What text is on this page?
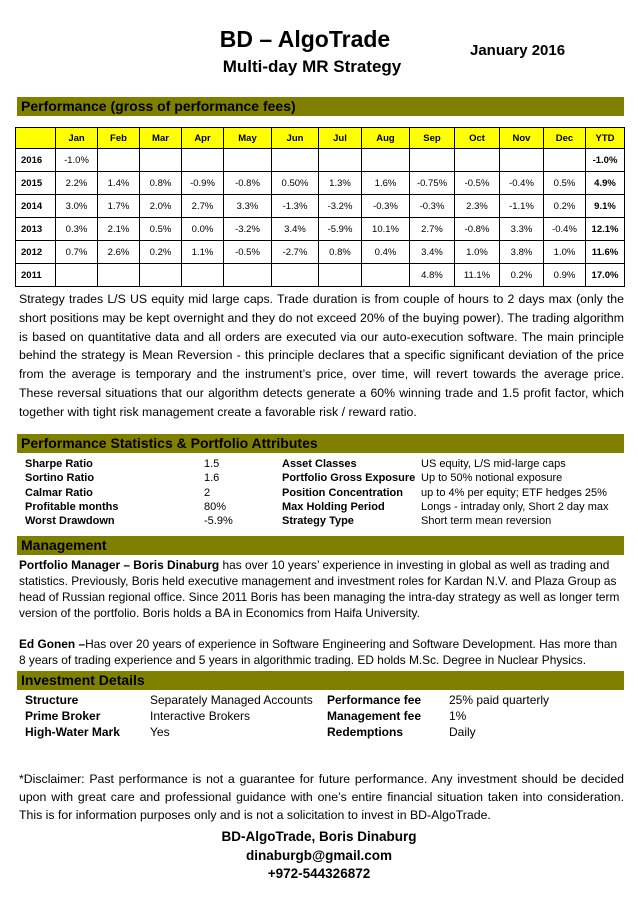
BD – AlgoTrade
Multi-day MR Strategy
January 2016
Performance (gross of performance fees)
	Jan	Feb	Mar	Apr	May	Jun	Jul	Aug	Sep	Oct	Nov	Dec	YTD
2016	-1.0%												-1.0%
2015	2.2%	1.4%	0.8%	-0.9%	-0.8%	0.50%	1.3%	1.6%	-0.75%	-0.5%	-0.4%	0.5%	4.9%
2014	3.0%	1.7%	2.0%	2.7%	3.3%	-1.3%	-3.2%	-0.3%	-0.3%	2.3%	-1.1%	0.2%	9.1%
2013	0.3%	2.1%	0.5%	0.0%	-3.2%	3.4%	-5.9%	10.1%	2.7%	-0.8%	3.3%	-0.4%	12.1%
2012	0.7%	2.6%	0.2%	1.1%	-0.5%	-2.7%	0.8%	0.4%	3.4%	1.0%	3.8%	1.0%	11.6%
2011									4.8%	11.1%	0.2%	0.9%	17.0%
Strategy trades L/S US equity mid large caps. Trade duration is from couple of hours to 2 days max (only the short positions may be kept overnight and they do not exceed 20% of the buying power). The trading algorithm is based on quantitative data and all orders are executed via our auto-execution software. The main principle behind the strategy is Mean Reversion - this principle declares that a specific significant deviation of the price from the average is temporary and the instrument’s price, over time, will revert towards the average price. These reversal situations that our algorithm detects generate a 60% winning trade and 1.5 profit factor, which together with tight risk management create a favorable risk / reward ratio.
Performance Statistics & Portfolio Attributes
Sharpe Ratio	1.5
Sortino Ratio	1.6
Calmar Ratio	2
Profitable months	80%
Worst Drawdown	-5.9%
Asset Classes	US equity, L/S mid-large caps
Portfolio Gross Exposure Up to 50% notional exposure
Position Concentration up to 4% per equity; ETF hedges 25%
Max Holding Period	Longs - intraday only, Short 2 day max
Strategy Type	Short term mean reversion
Management
Portfolio Manager – Boris Dinaburg has over 10 years’ experience in investing in global as well as trading and statistics. Previously, Boris held executive management and investment roles for Kardan N.V. and Plaza Group as head of Russian regional office. Since 2011 Boris has been managing the intra-day strategy as well as longer term version of the portfolio. Boris holds a BA in Economics from Haifa University.
Ed Gonen –Has over 20 years of experience in Software Engineering and Software Development. Has more than 8 years of trading experience and 5 years in algorithmic trading. ED holds M.Sc. Degree in Nuclear Physics.
Investment Details
Structure	Separately Managed Accounts
Prime Broker	Interactive Brokers
High-Water Mark	Yes
Performance fee 25% paid quarterly
Management fee 1%
Redemptions	Daily
*Disclaimer: Past performance is not a guarantee for future performance. Any investment should be decided upon with great care and professional guidance with one’s entire financial situation taken into consideration. This is for information purposes only and is not a solicitation to invest in BD-AlgoTrade.
BD-AlgoTrade, Boris Dinaburg
dinaburgb@gmail.com
+972-544326872
